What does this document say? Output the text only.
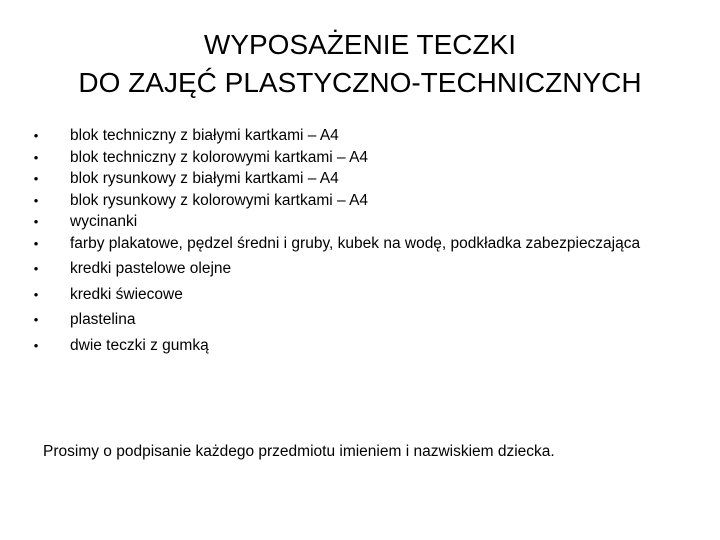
WYPOSAŻENIE TECZKI
DO ZAJĘĆ PLASTYCZNO-TECHNICZNYCH
• blok techniczny z białymi kartkami – A4
• blok techniczny z kolorowymi kartkami – A4
• blok rysunkowy z białymi kartkami – A4
• blok rysunkowy z kolorowymi kartkami – A4
• wycinanki
• farby plakatowe, pędzel średni i gruby, kubek na wodę, podkładka zabezpieczająca
• kredki pastelowe olejne
• kredki świecowe
• plastelina
• dwie teczki z gumką

Prosimy o podpisanie każdego przedmiotu imieniem i nazwiskiem dziecka.
